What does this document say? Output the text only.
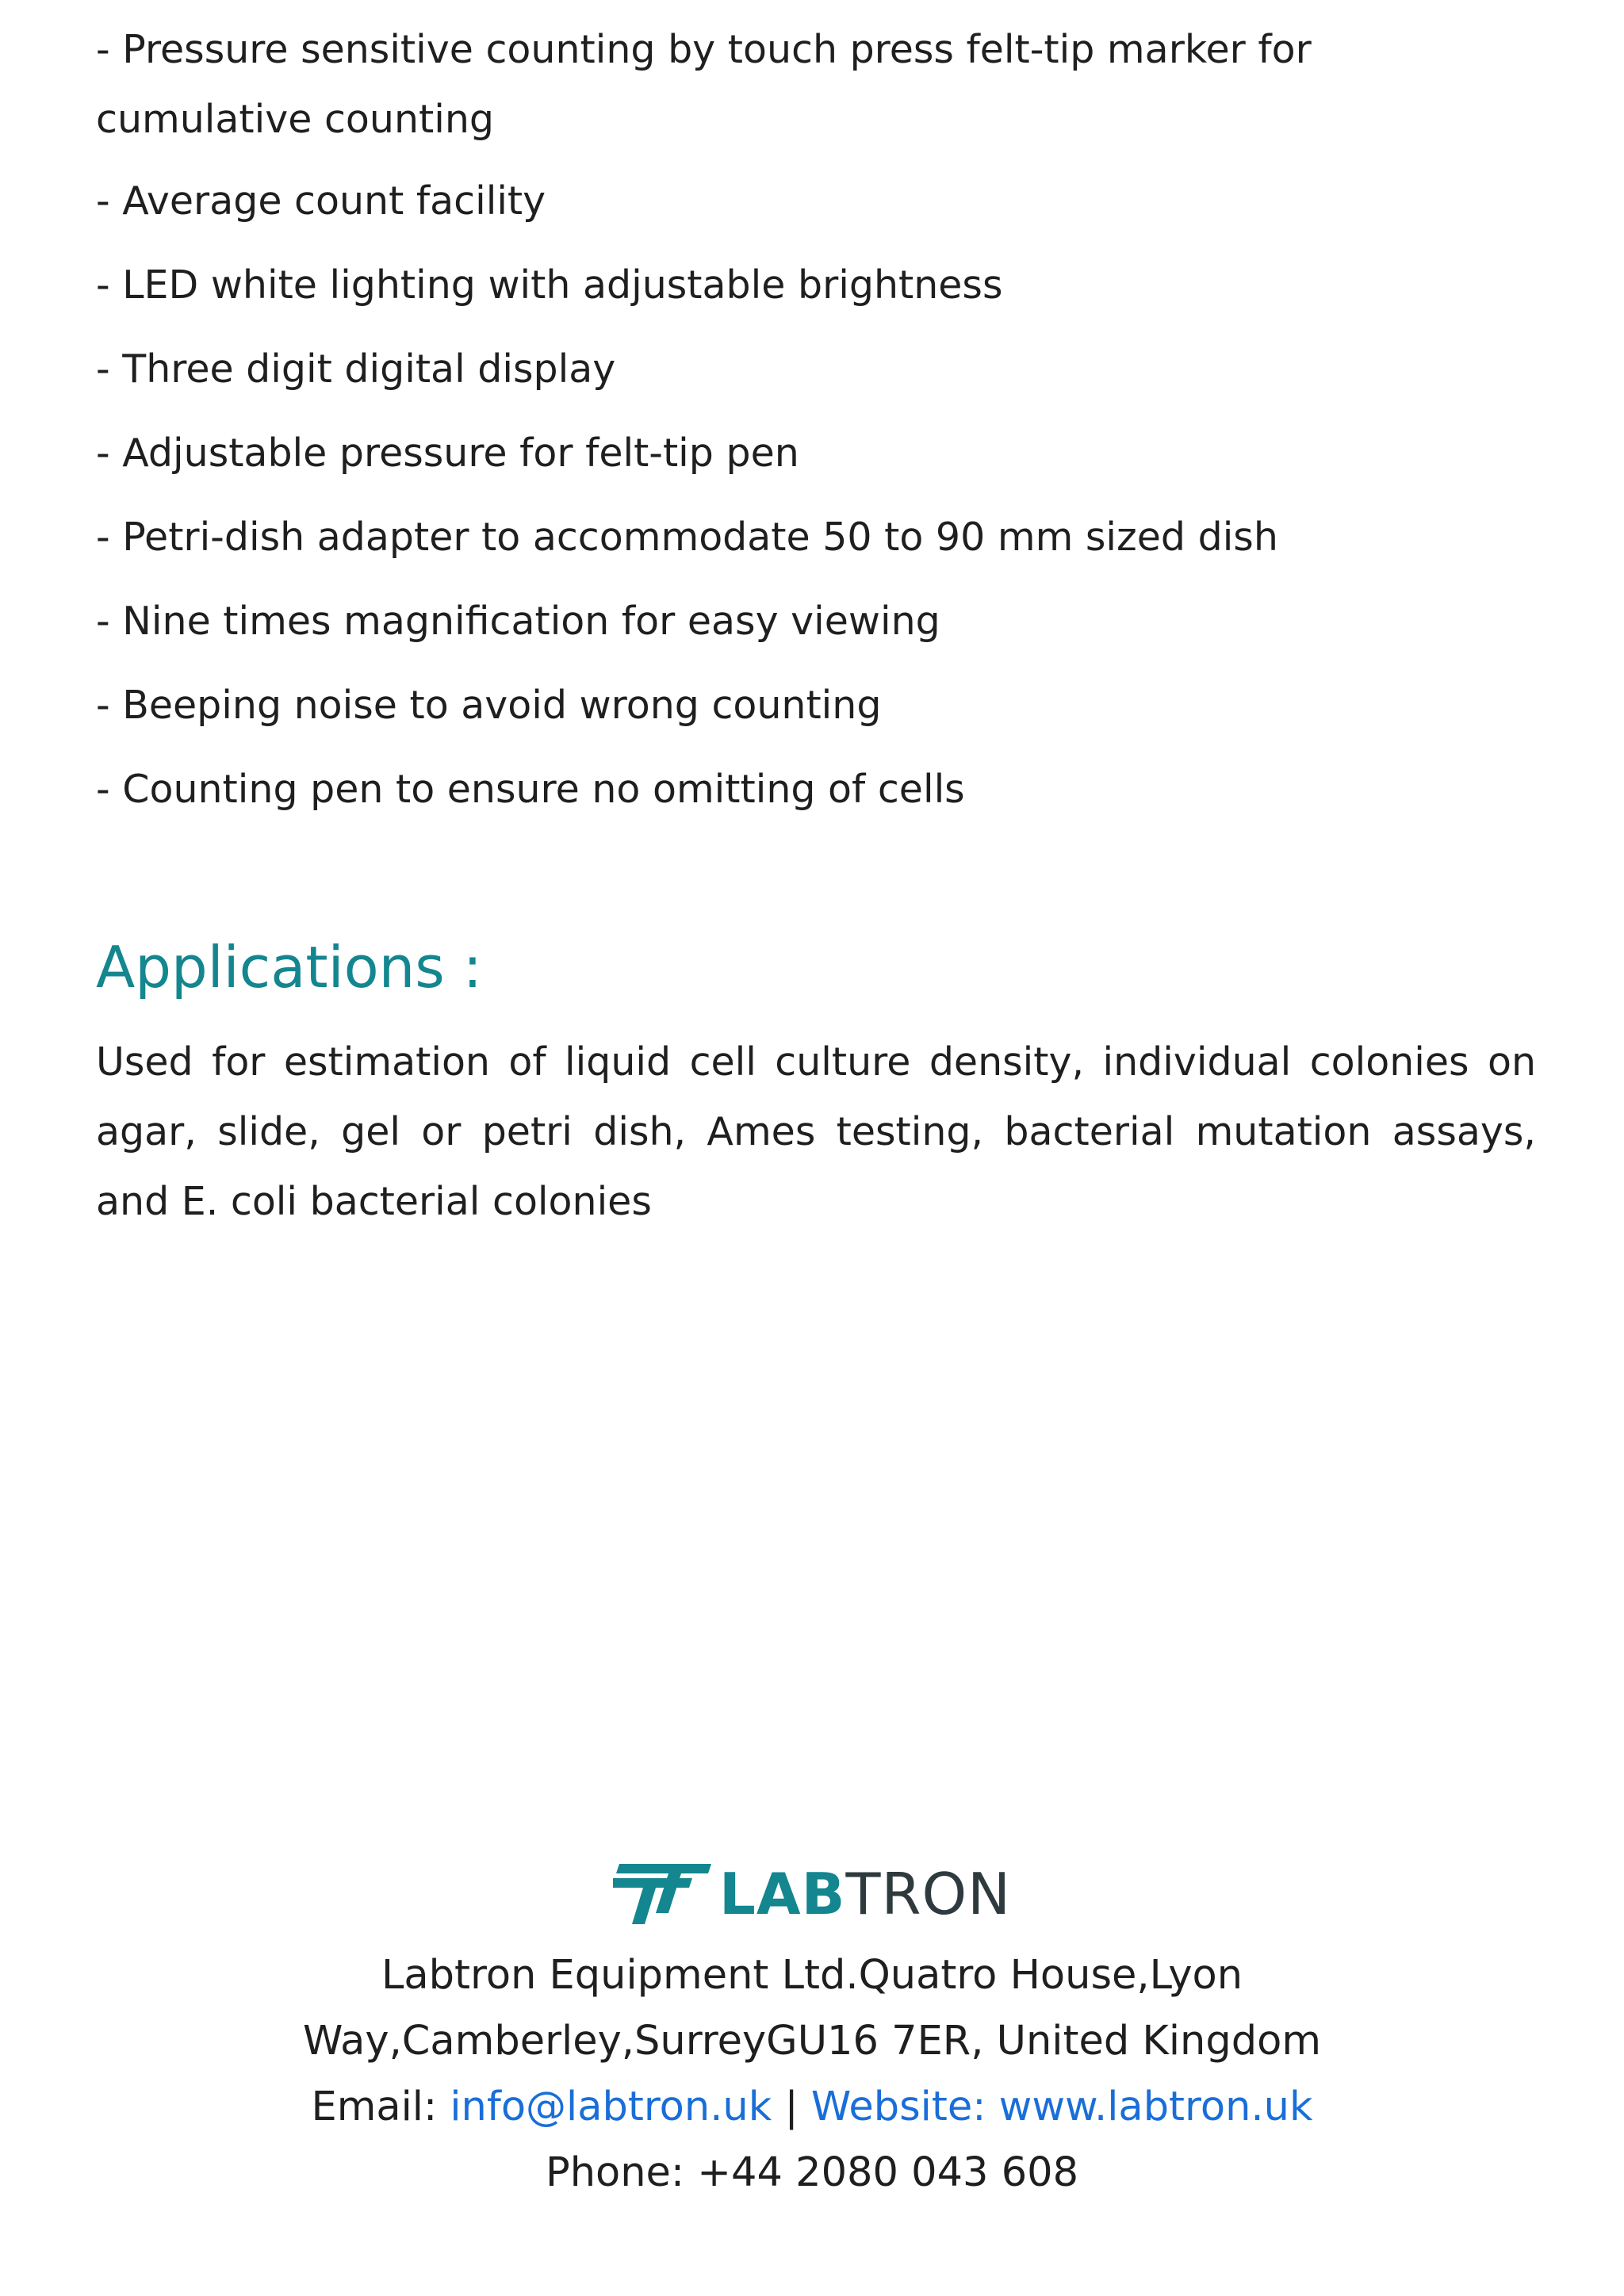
- Pressure sensitive counting by touch press felt-tip marker for cumulative counting
- Average count facility
- LED white lighting with adjustable brightness
- Three digit digital display
- Adjustable pressure for felt-tip pen
- Petri-dish adapter to accommodate 50 to 90 mm sized dish
- Nine times magnification for easy viewing
- Beeping noise to avoid wrong counting
- Counting pen to ensure no omitting of cells
Applications :

Used for estimation of liquid cell culture density, individual colonies on agar, slide, gel or petri dish, Ames testing, bacterial mutation assays, and E. coli bacterial colonies

LABTRON

Labtron Equipment Ltd.Quatro House,Lyon

Way,Camberley,SurreyGU16 7ER, United Kingdom

Email: info@labtron.uk | Website: www.labtron.uk

Phone: +44 2080 043 608
